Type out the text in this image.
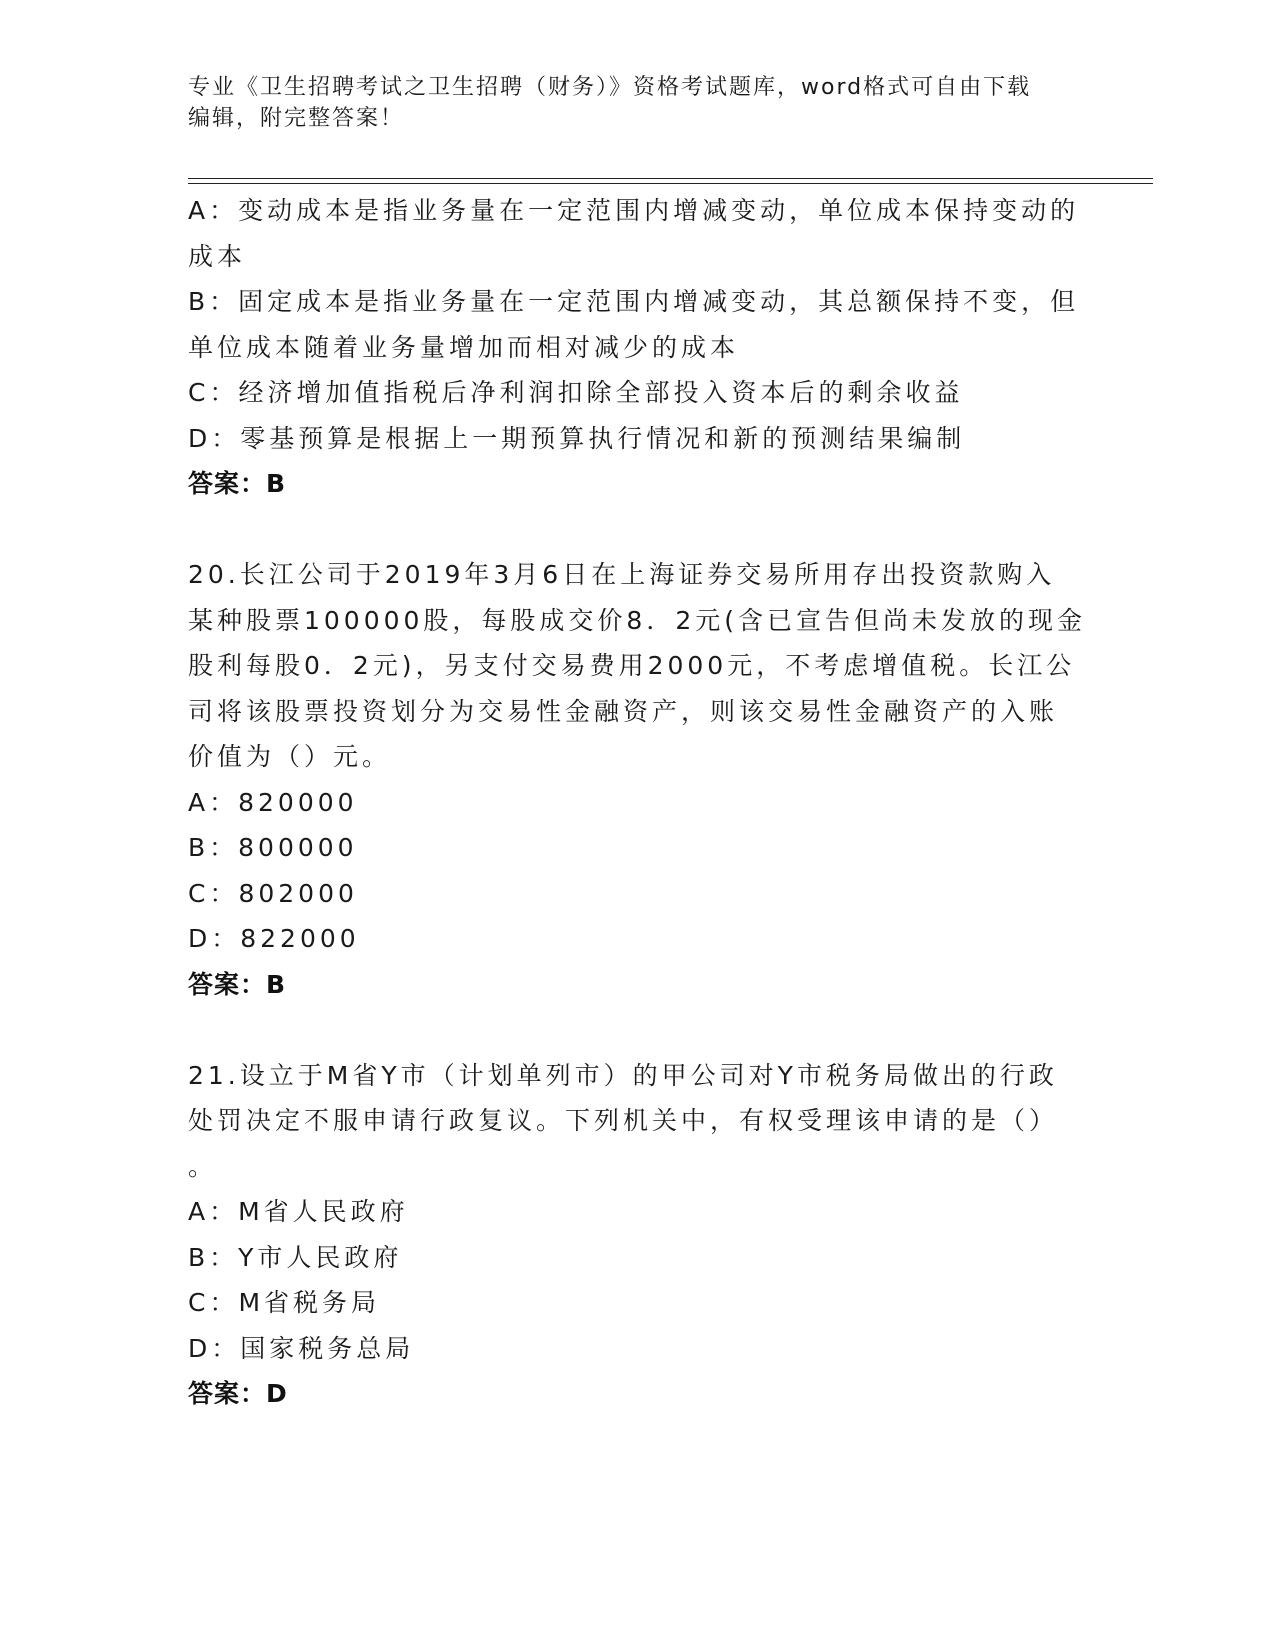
专业《卫生招聘考试之卫生招聘（财务）》资格考试题库，word格式可自由下载
编辑，附完整答案！
A：变动成本是指业务量在一定范围内增减变动，单位成本保持变动的
成本
B：固定成本是指业务量在一定范围内增减变动，其总额保持不变，但
单位成本随着业务量增加而相对减少的成本
C：经济增加值指税后净利润扣除全部投入资本后的剩余收益
D：零基预算是根据上一期预算执行情况和新的预测结果编制
答案：B
20.长江公司于2019年3月6日在上海证券交易所用存出投资款购入
某种股票100000股，每股成交价8．2元(含已宣告但尚未发放的现金
股利每股0．2元)，另支付交易费用2000元，不考虑增值税。长江公
司将该股票投资划分为交易性金融资产，则该交易性金融资产的入账
价值为（）元。
A：820000
B：800000
C：802000
D：822000
答案：B
21.设立于M省Y市（计划单列市）的甲公司对Y市税务局做出的行政
处罚决定不服申请行政复议。下列机关中，有权受理该申请的是（）
。
A：M省人民政府
B：Y市人民政府
C：M省税务局
D：国家税务总局
答案：D
